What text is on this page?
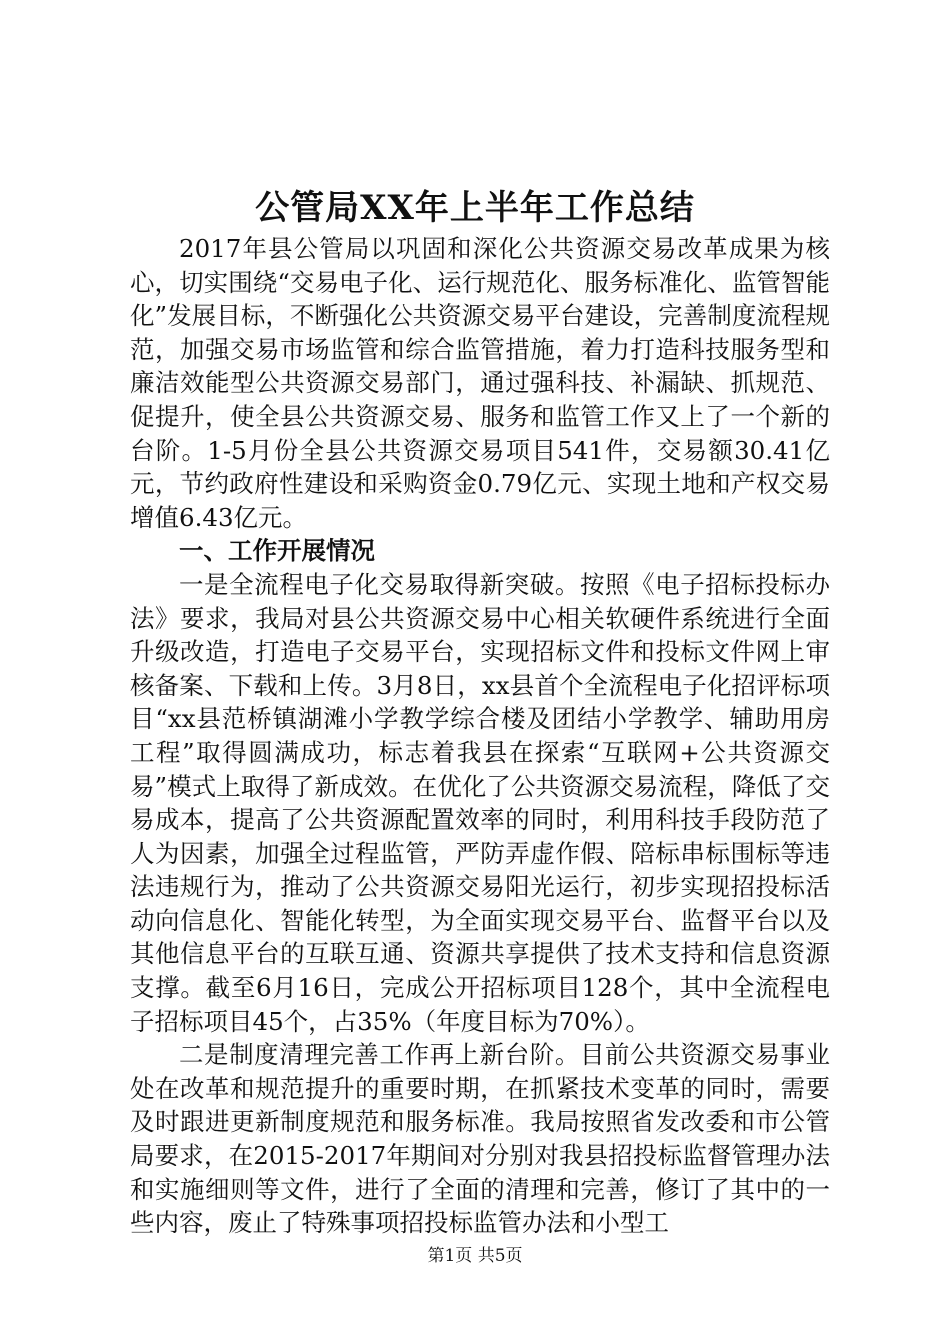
公管局XX年上半年工作总结

2017年县公管局以巩固和深化公共资源交易改革成果为核心，切实围绕“交易电子化、运行规范化、服务标准化、监管智能化”发展目标，不断强化公共资源交易平台建设，完善制度流程规范，加强交易市场监管和综合监管措施，着力打造科技服务型和廉洁效能型公共资源交易部门，通过强科技、补漏缺、抓规范、促提升，使全县公共资源交易、服务和监管工作又上了一个新的台阶。1-5月份全县公共资源交易项目541件，交易额30.41亿元，节约政府性建设和采购资金0.79亿元、实现土地和产权交易增值6.43亿元。

一、工作开展情况

一是全流程电子化交易取得新突破。按照《电子招标投标办法》要求，我局对县公共资源交易中心相关软硬件系统进行全面升级改造，打造电子交易平台，实现招标文件和投标文件网上审核备案、下载和上传。3月8日，xx县首个全流程电子化招评标项目“xx县范桥镇湖滩小学教学综合楼及团结小学教学、辅助用房工程”取得圆满成功，标志着我县在探索“互联网+公共资源交易”模式上取得了新成效。在优化了公共资源交易流程，降低了交易成本，提高了公共资源配置效率的同时，利用科技手段防范了人为因素，加强全过程监管，严防弄虚作假、陪标串标围标等违法违规行为，推动了公共资源交易阳光运行，初步实现招投标活动向信息化、智能化转型，为全面实现交易平台、监督平台以及其他信息平台的互联互通、资源共享提供了技术支持和信息资源支撑。截至6月16日，完成公开招标项目128个，其中全流程电子招标项目45个，占35%（年度目标为70%）。

二是制度清理完善工作再上新台阶。目前公共资源交易事业处在改革和规范提升的重要时期，在抓紧技术变革的同时，需要及时跟进更新制度规范和服务标准。我局按照省发改委和市公管局要求，在2015-2017年期间对分别对我县招投标监督管理办法和实施细则等文件，进行了全面的清理和完善，修订了其中的一些内容，废止了特殊事项招投标监管办法和小型工

第1页 共5页
